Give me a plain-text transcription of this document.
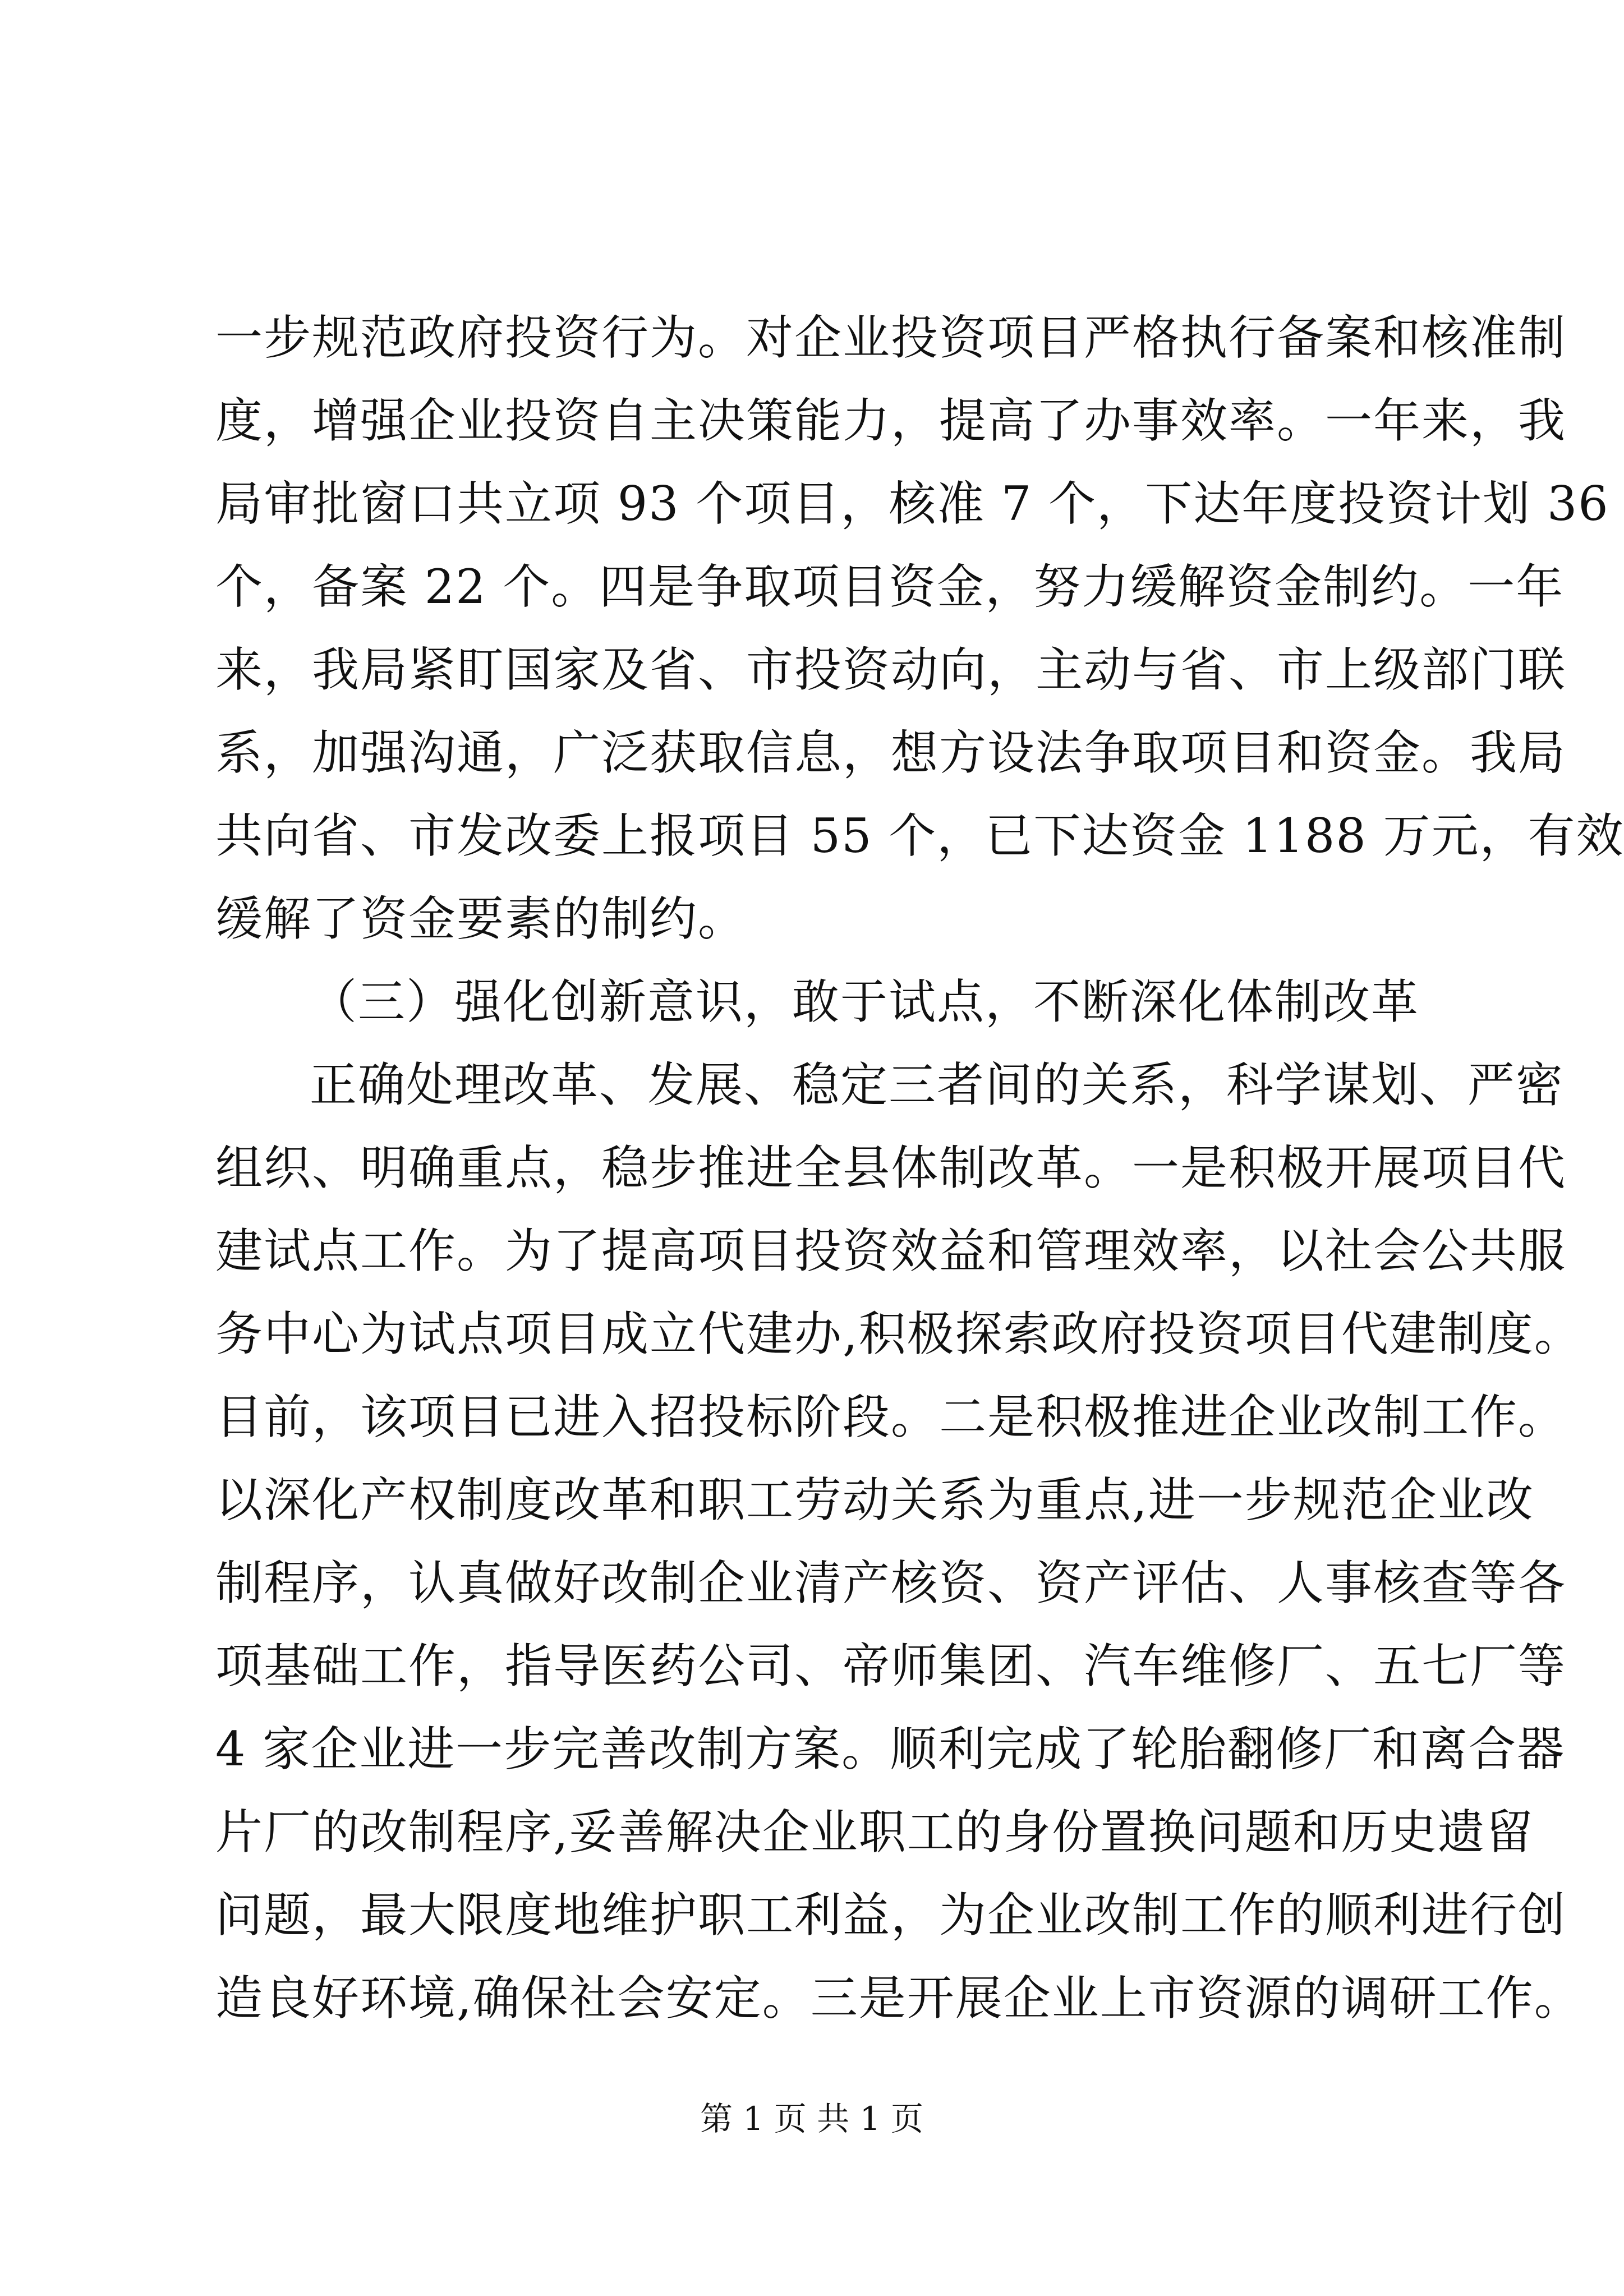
一步规范政府投资行为。对企业投资项目严格执行备案和核准制
度，增强企业投资自主决策能力，提高了办事效率。一年来，我
局审批窗口共立项 93 个项目，核准 7 个，下达年度投资计划 36
个，备案 22 个。四是争取项目资金，努力缓解资金制约。一年
来，我局紧盯国家及省、市投资动向，主动与省、市上级部门联
系，加强沟通，广泛获取信息，想方设法争取项目和资金。我局
共向省、市发改委上报项目 55 个，已下达资金 1188 万元，有效
缓解了资金要素的制约。
（三）强化创新意识，敢于试点，不断深化体制改革
正确处理改革、发展、稳定三者间的关系，科学谋划、严密
组织、明确重点，稳步推进全县体制改革。一是积极开展项目代
建试点工作。为了提高项目投资效益和管理效率，以社会公共服
务中心为试点项目成立代建办,积极探索政府投资项目代建制度。
目前，该项目已进入招投标阶段。二是积极推进企业改制工作。
以深化产权制度改革和职工劳动关系为重点,进一步规范企业改
制程序，认真做好改制企业清产核资、资产评估、人事核查等各
项基础工作，指导医药公司、帝师集团、汽车维修厂、五七厂等
4 家企业进一步完善改制方案。顺利完成了轮胎翻修厂和离合器
片厂的改制程序,妥善解决企业职工的身份置换问题和历史遗留
问题，最大限度地维护职工利益，为企业改制工作的顺利进行创
造良好环境,确保社会安定。三是开展企业上市资源的调研工作。
第 1 页 共 1 页
